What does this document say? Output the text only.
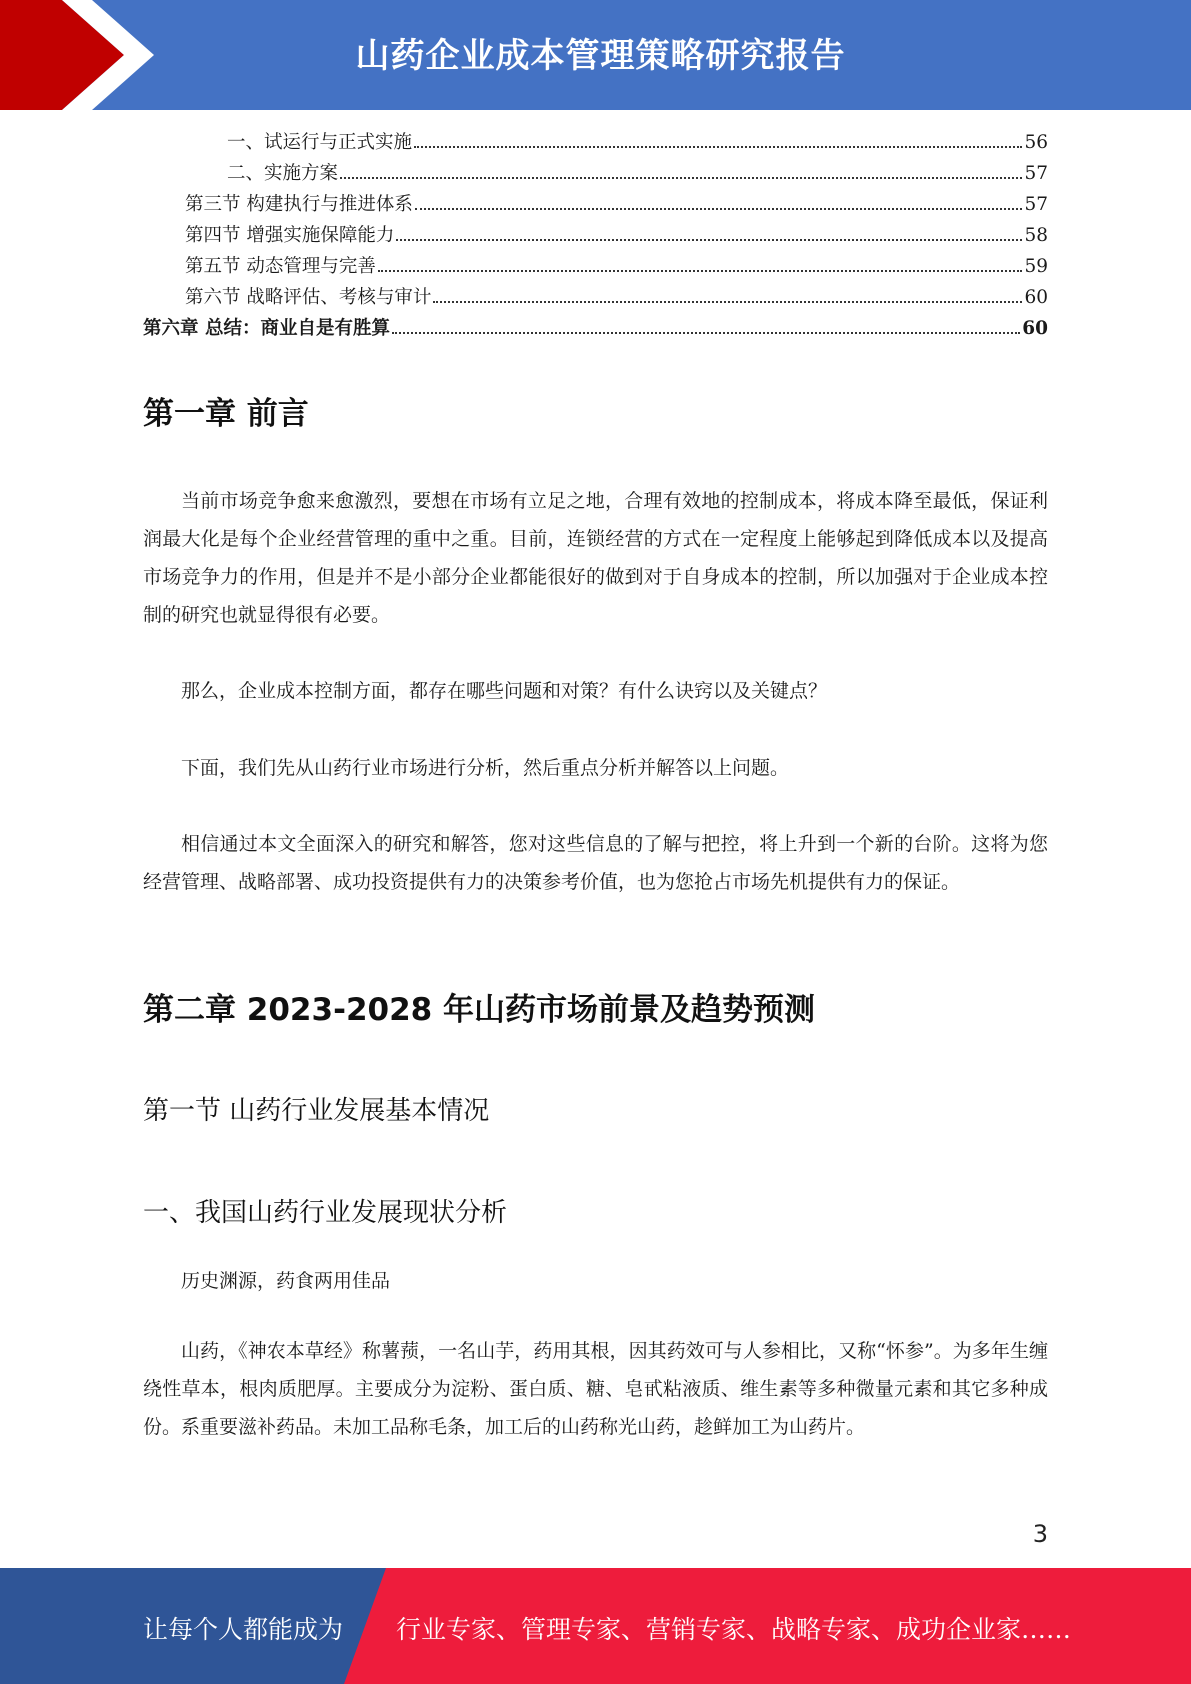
山药企业成本管理策略研究报告
一、试运行与正式实施	56
二、实施方案	57
第三节 构建执行与推进体系	57
第四节 增强实施保障能力	58
第五节 动态管理与完善	59
第六节 战略评估、考核与审计	60
第六章 总结：商业自是有胜算	60
第一章 前言
当前市场竞争愈来愈激烈，要想在市场有立足之地，合理有效地的控制成本，将成本降至最低，保证利润最大化是每个企业经营管理的重中之重。目前，连锁经营的方式在一定程度上能够起到降低成本以及提高市场竞争力的作用，但是并不是小部分企业都能很好的做到对于自身成本的控制，所以加强对于企业成本控制的研究也就显得很有必要。
那么，企业成本控制方面，都存在哪些问题和对策？有什么诀窍以及关键点？
下面，我们先从山药行业市场进行分析，然后重点分析并解答以上问题。
相信通过本文全面深入的研究和解答，您对这些信息的了解与把控，将上升到一个新的台阶。这将为您经营管理、战略部署、成功投资提供有力的决策参考价值，也为您抢占市场先机提供有力的保证。
第二章 2023-2028 年山药市场前景及趋势预测
第一节 山药行业发展基本情况
一、我国山药行业发展现状分析
历史渊源，药食两用佳品
山药，《神农本草经》称薯蓣，一名山芋，药用其根，因其药效可与人参相比，又称“怀参”。为多年生缠绕性草本，根肉质肥厚。主要成分为淀粉、蛋白质、糖、皂甙粘液质、维生素等多种微量元素和其它多种成份。系重要滋补药品。未加工品称毛条，加工后的山药称光山药，趁鲜加工为山药片。
3
让每个人都能成为 行业专家、管理专家、营销专家、战略专家、成功企业家……
